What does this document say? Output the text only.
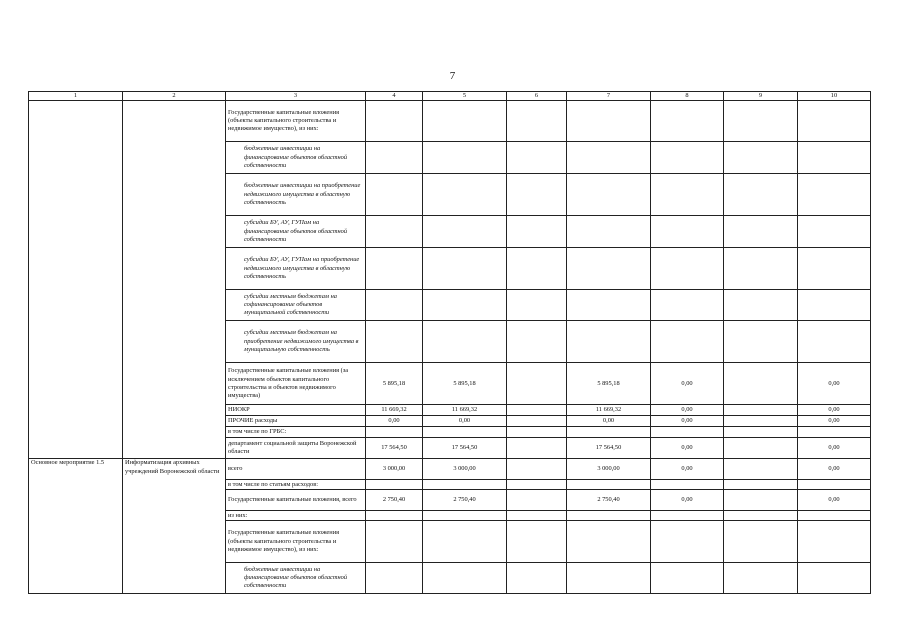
7
1	2	3	4	5	6	7	8	9	10
		Государственные капитальные вложения (объекты капитального строительства и недвижимое имущество), из них:							
		бюджетные инвестиции на финансирование объектов областной собственности							
		бюджетные инвестиции на приобретение недвижимого имущества в областную собственность							
		субсидии БУ, АУ, ГУПам на финансирование объектов областной собственности							
		субсидии БУ, АУ, ГУПам на приобретение недвижимого имущества в областную собственность							
		субсидии местным бюджетам на софинансирование объектов муниципальной собственности							
		субсидии местным бюджетам на приобретение недвижимого имущества в муниципальную собственность							
		Государственные капитальные вложения (за исключением объектов капитального строительства и объектов недвижимого имущества)	5 895,18	5 895,18		5 895,18	0,00		0,00
		НИОКР	11 669,32	11 669,32		11 669,32	0,00		0,00
		ПРОЧИЕ расходы	0,00	0,00		0,00	0,00		0,00
		в том числе по ГРБС:							
		департамент социальной защиты Воронежской области	17 564,50	17 564,50		17 564,50	0,00		0,00
Основное мероприятие 1.5	Информатизация архивных учреждений Воронежской области	всего	3 000,00	3 000,00		3 000,00	0,00		0,00
		в том числе по статьям расходов:							
		Государственные капитальные вложения, всего	2 750,40	2 750,40		2 750,40	0,00		0,00
		из них:							
		Государственные капитальные вложения (объекты капитального строительства и недвижимое имущество), из них:							
		бюджетные инвестиции на финансирование объектов областной собственности							
